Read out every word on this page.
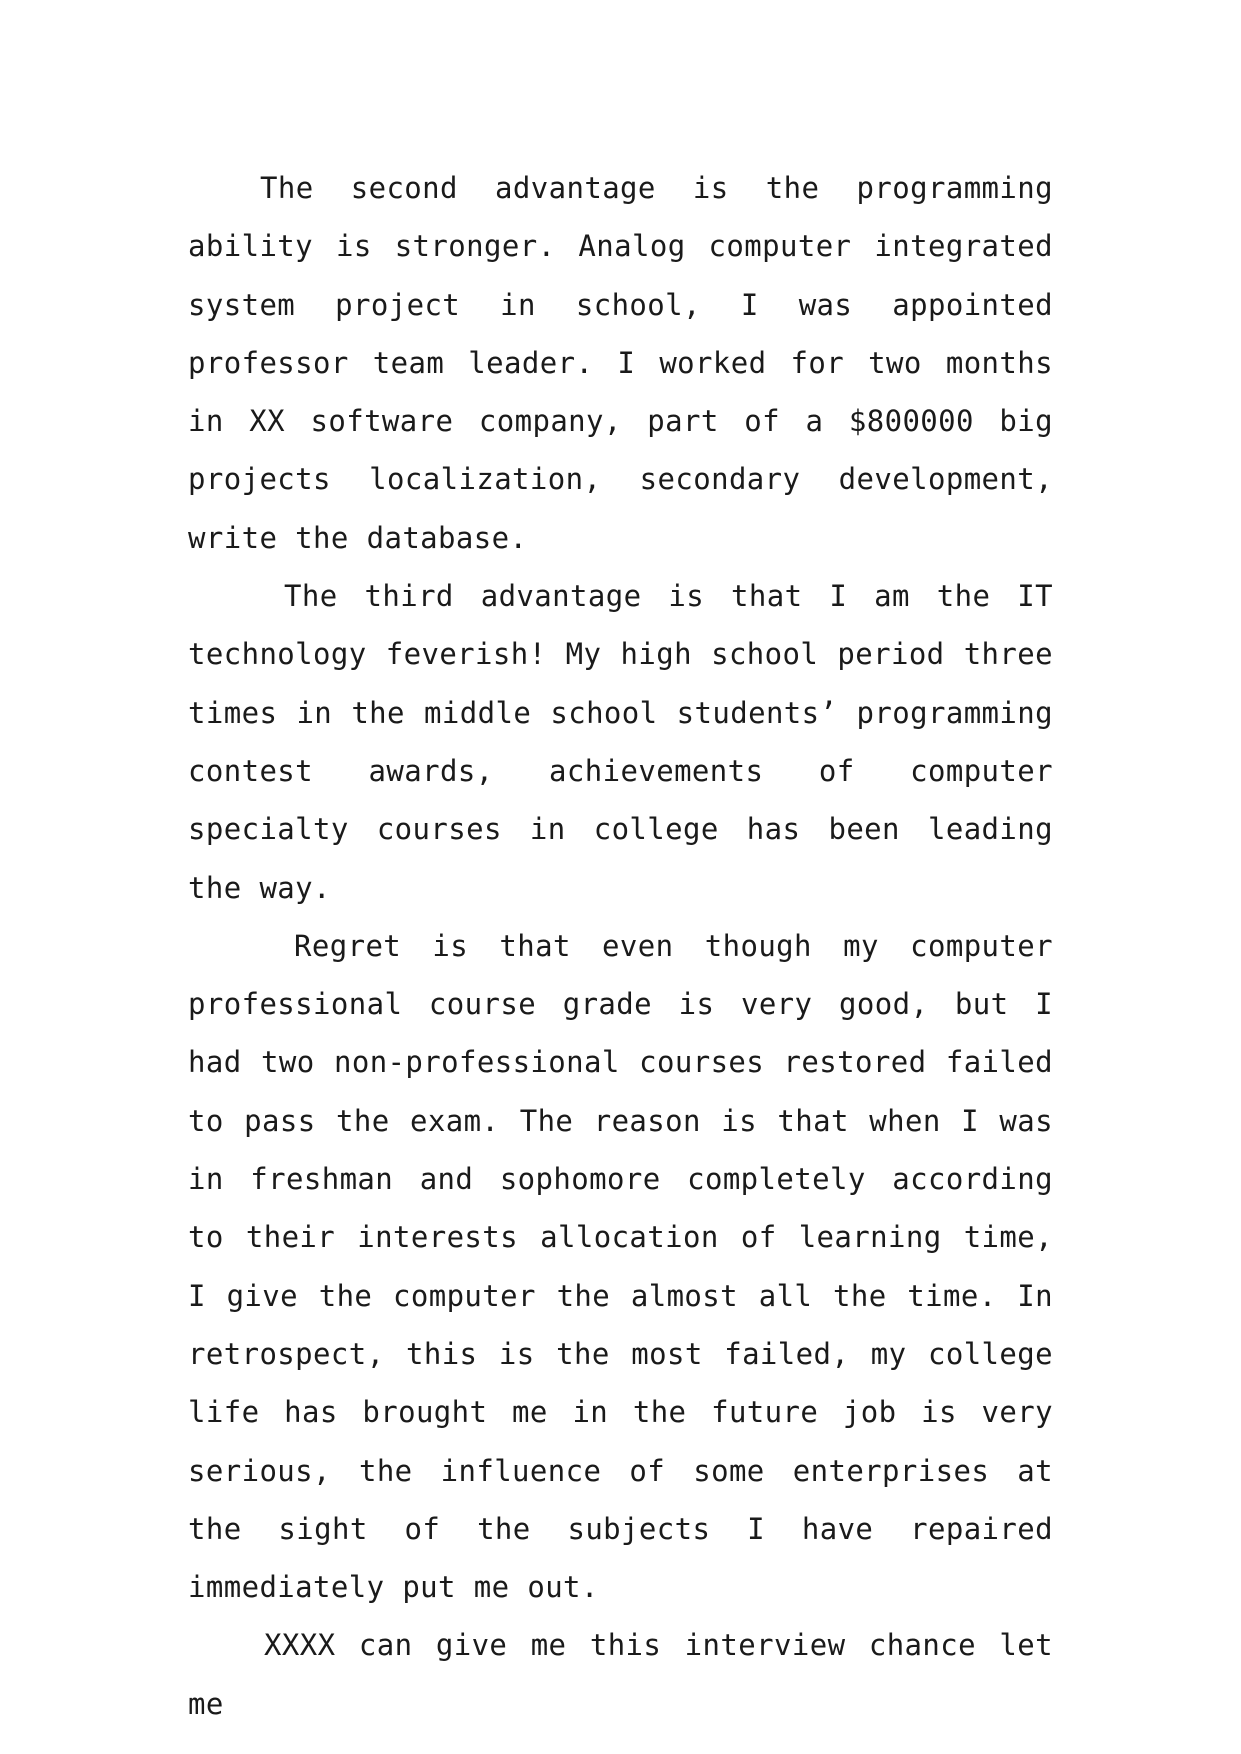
The second advantage is the programming ability is stronger. Analog computer integrated system project in school, I was appointed professor team leader. I worked for two months in XX software company, part of a $800000 big projects localization, secondary development, write the database.

The third advantage is that I am the IT technology feverish! My high school period three times in the middle school students’ programming contest awards, achievements of computer specialty courses in college has been leading the way.

Regret is that even though my computer professional course grade is very good, but I had two non-professional courses restored failed to pass the exam. The reason is that when I was in freshman and sophomore completely according to their interests allocation of learning time, I give the computer the almost all the time. In retrospect, this is the most failed, my college life has brought me in the future job is very serious, the influence of some enterprises at the sight of the subjects I have repaired immediately put me out.

XXXX can give me this interview chance let me
